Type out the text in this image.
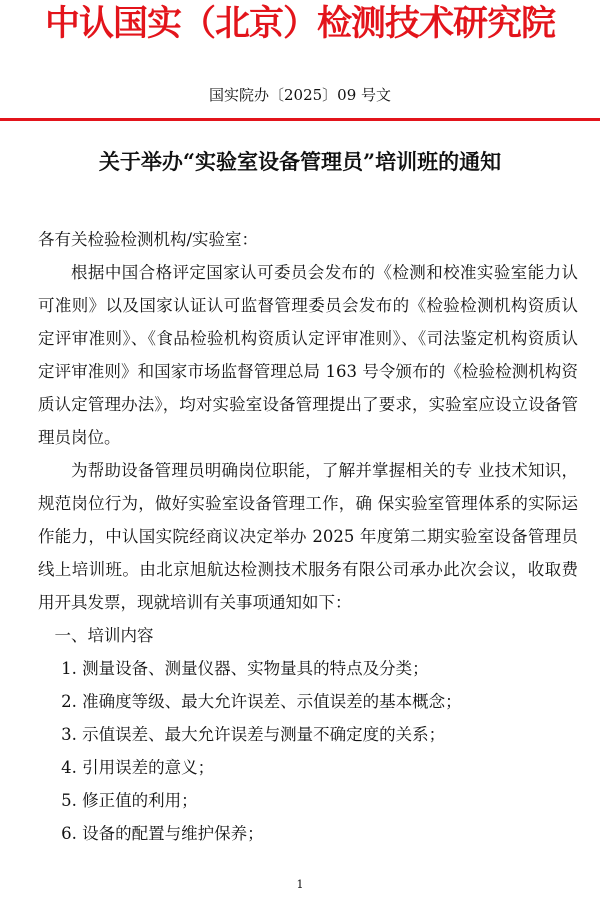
中认国实（北京）检测技术研究院
国实院办〔2025〕09 号文
关于举办“实验室设备管理员”培训班的通知

各有关检验检测机构/实验室：

根据中国合格评定国家认可委员会发布的《检测和校准实验室能力认可准则》以及国家认证认可监督管理委员会发布的《检验检测机构资质认定评审准则》、《食品检验机构资质认定评审准则》、《司法鉴定机构资质认定评审准则》和国家市场监督管理总局 163 号令颁布的《检验检测机构资质认定管理办法》，均对实验室设备管理提出了要求，实验室应设立设备管理员岗位。

为帮助设备管理员明确岗位职能，了解并掌握相关的专 业技术知识，规范岗位行为，做好实验室设备管理工作，确 保实验室管理体系的实际运作能力，中认国实院经商议决定举办 2025 年度第二期实验室设备管理员线上培训班。由北京旭航达检测技术服务有限公司承办此次会议，收取费用开具发票，现就培训有关事项通知如下：

一、培训内容

1. 测量设备、测量仪器、实物量具的特点及分类；

2. 准确度等级、最大允许误差、示值误差的基本概念；

3. 示值误差、最大允许误差与测量不确定度的关系；

4. 引用误差的意义；

5. 修正值的利用；

6. 设备的配置与维护保养；

1
